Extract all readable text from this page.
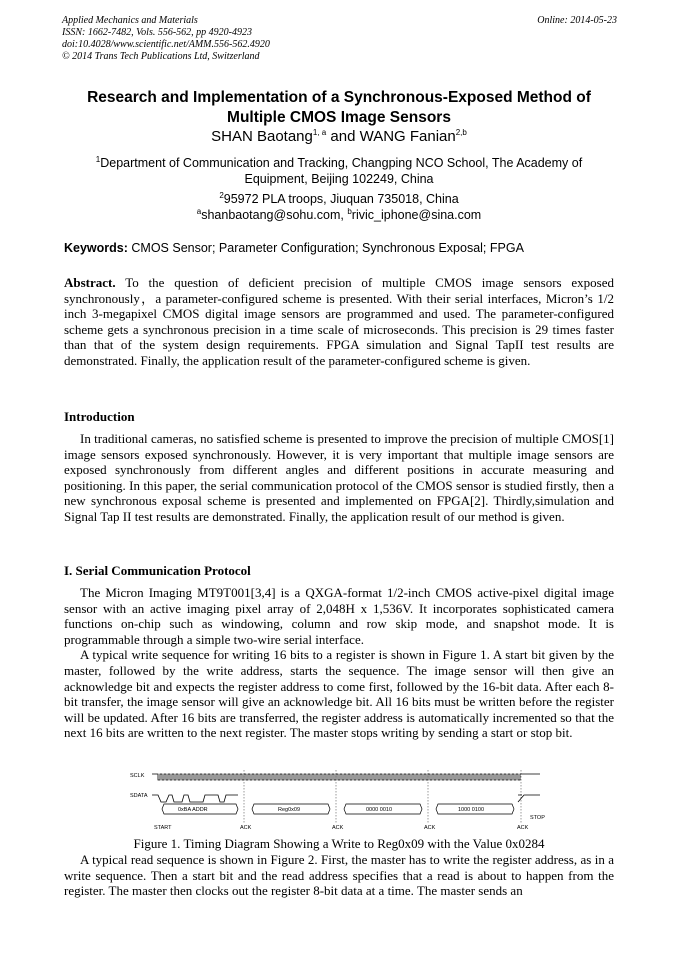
Applied Mechanics and Materials
ISSN: 1662-7482, Vols. 556-562, pp 4920-4923
doi:10.4028/www.scientific.net/AMM.556-562.4920
© 2014 Trans Tech Publications Ltd, Switzerland
Online: 2014-05-23
Research and Implementation of a Synchronous-Exposed Method of
Multiple CMOS Image Sensors
SHAN Baotang$^{1, a}$ and WANG Fanian$^{2,b}$
$^1$Department of Communication and Tracking, Changping NCO School, The Academy of
Equipment, Beijing 102249, China
$^2$95972 PLA troops, Jiuquan 735018, China
$^a$shanbaotang@sohu.com, $^b$rivic_iphone@sina.com
Keywords: CMOS Sensor; Parameter Configuration; Synchronous Exposal; FPGA

Abstract. To the question of deficient precision of multiple CMOS image sensors exposed synchronously，a parameter-configured scheme is presented. With their serial interfaces, Micron’s 1/2 inch 3-megapixel CMOS digital image sensors are programmed and used. The parameter-configured scheme gets a synchronous precision in a time scale of microseconds. This precision is 29 times faster than that of the system design requirements. FPGA simulation and Signal TapII test results are demonstrated. Finally, the application result of the parameter-configured scheme is given.

Introduction

In traditional cameras, no satisfied scheme is presented to improve the precision of multiple CMOS[1] image sensors exposed synchronously. However, it is very important that multiple image sensors are exposed synchronously from different angles and different positions in accurate measuring and positioning. In this paper, the serial communication protocol of the CMOS sensor is studied firstly, then a new synchronous exposal scheme is presented and implemented on FPGA[2]. Thirdly,simulation and Signal Tap II test results are demonstrated. Finally, the application result of our method is given.

I. Serial Communication Protocol

The Micron Imaging MT9T001[3,4] is a QXGA-format 1/2-inch CMOS active-pixel digital image sensor with an active imaging pixel array of 2,048H x 1,536V. It incorporates sophisticated camera functions on-chip such as windowing, column and row skip mode, and snapshot mode. It is programmable through a simple two-wire serial interface.

A typical write sequence for writing 16 bits to a register is shown in Figure 1. A start bit given by the master, followed by the write address, starts the sequence. The image sensor will then give an acknowledge bit and expects the register address to come first, followed by the 16-bit data. After each 8-bit transfer, the image sensor will give an acknowledge bit. All 16 bits must be written before the register will be updated. After 16 bits are transferred, the register address is automatically incremented so that the next 16 bits are written to the next register. The master stops writing by sending a start or stop bit.

SCLK
SDATA
0xBA ADDR	Reg0x09	0000 0010	1000 0100
START	ACK	ACK	ACK	ACK
STOP
Figure 1. Timing Diagram Showing a Write to Reg0x09 with the Value 0x0284

A typical read sequence is shown in Figure 2. First, the master has to write the register address, as in a write sequence. Then a start bit and the read address specifies that a read is about to happen from the register. The master then clocks out the register 8-bit data at a time. The master sends an
